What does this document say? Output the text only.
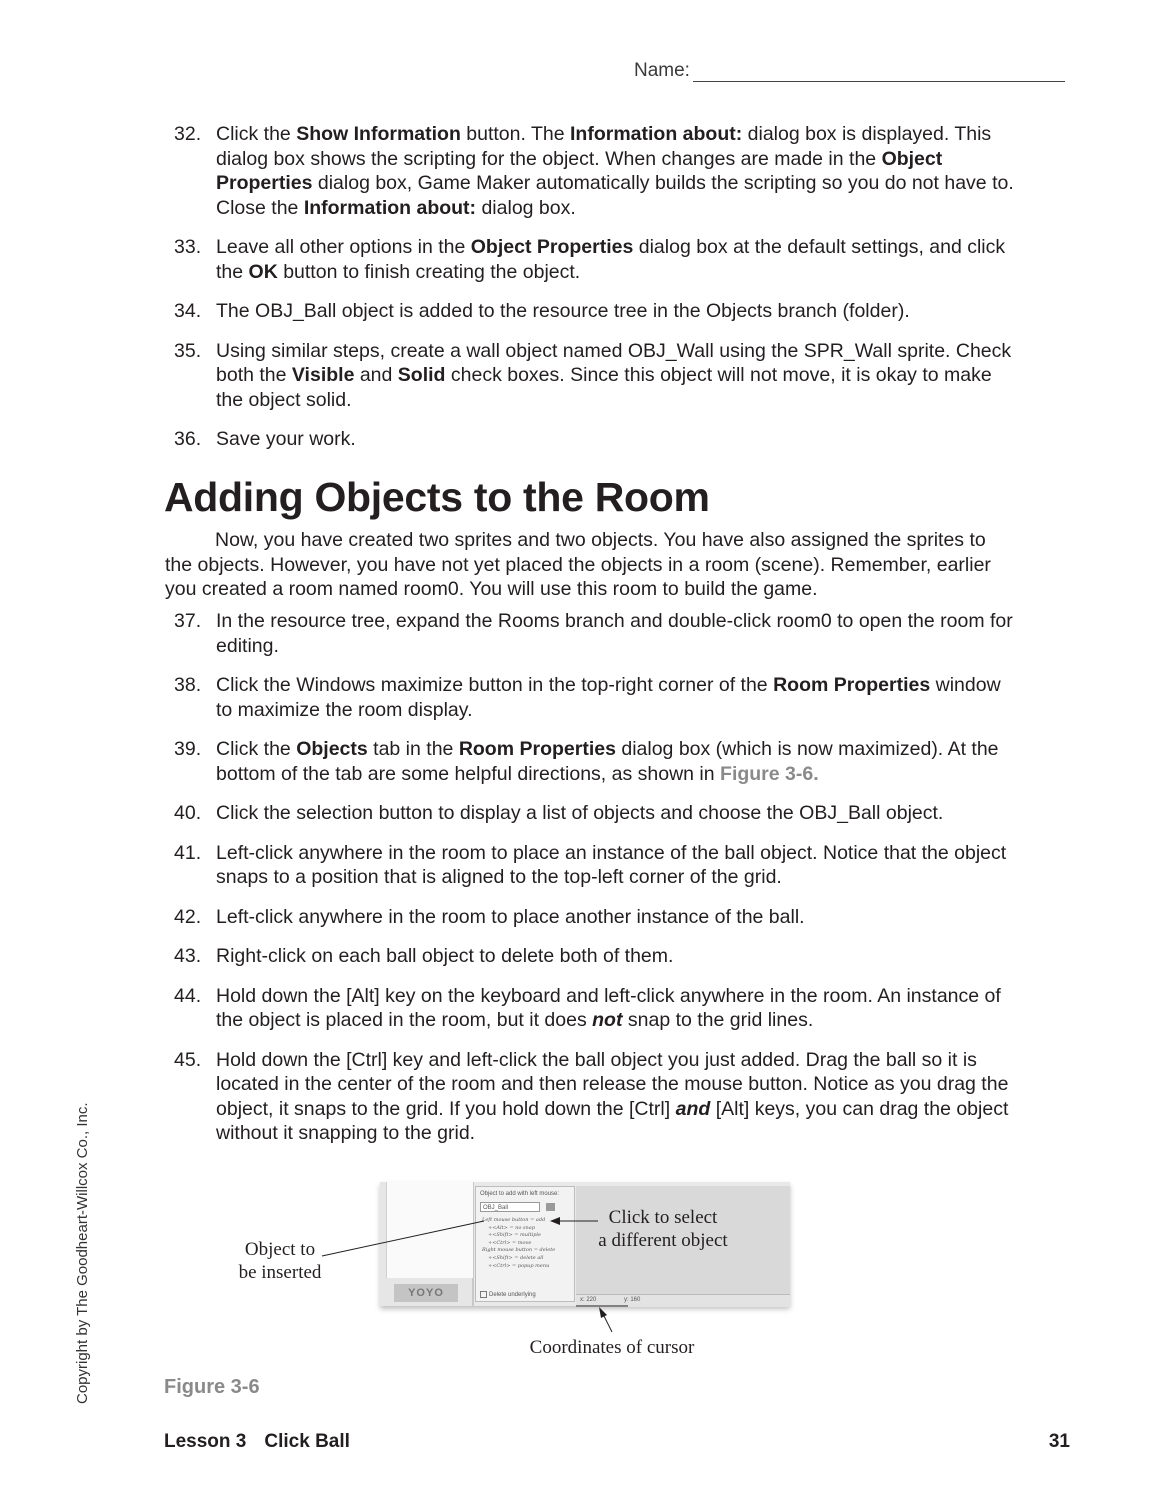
Name:
32. Click the Show Information button. The Information about: dialog box is displayed. This dialog box shows the scripting for the object. When changes are made in the Object Properties dialog box, Game Maker automatically builds the scripting so you do not have to. Close the Information about: dialog box.
33. Leave all other options in the Object Properties dialog box at the default settings, and click the OK button to finish creating the object.
34. The OBJ_Ball object is added to the resource tree in the Objects branch (folder).
35. Using similar steps, create a wall object named OBJ_Wall using the SPR_Wall sprite. Check both the Visible and Solid check boxes. Since this object will not move, it is okay to make the object solid.
36. Save your work.
Adding Objects to the Room

Now, you have created two sprites and two objects. You have also assigned the sprites to the objects. However, you have not yet placed the objects in a room (scene). Remember, earlier you created a room named room0. You will use this room to build the game.

37. In the resource tree, expand the Rooms branch and double-click room0 to open the room for editing.
38. Click the Windows maximize button in the top-right corner of the Room Properties window to maximize the room display.
39. Click the Objects tab in the Room Properties dialog box (which is now maximized). At the bottom of the tab are some helpful directions, as shown in Figure 3-6.
40. Click the selection button to display a list of objects and choose the OBJ_Ball object.
41. Left-click anywhere in the room to place an instance of the ball object. Notice that the object snaps to a position that is aligned to the top-left corner of the grid.
42. Left-click anywhere in the room to place another instance of the ball.
43. Right-click on each ball object to delete both of them.
44. Hold down the [Alt] key on the keyboard and left-click anywhere in the room. An instance of the object is placed in the room, but it does not snap to the grid lines.
45. Hold down the [Ctrl] key and left-click the ball object you just added. Drag the ball so it is located in the center of the room and then release the mouse button. Notice as you drag the object, it snaps to the grid. If you hold down the [Ctrl] and [Alt] keys, you can drag the object without it snapping to the grid.
YOYO
Object to add with left mouse:
OBJ_Ball
Left mouse button = add
+<Alt> = no snap
+<Shift> = multiple
+<Ctrl> = move
Right mouse button = delete
+<Shift> = delete all
+<Ctrl> = popup menu
Delete underlying
x: 220	y: 160
Object to
be inserted
Click to select
a different object
Coordinates of cursor
Figure 3-6
Copyright by The Goodheart-Willcox Co., Inc.
Lesson 3 Click Ball	31
